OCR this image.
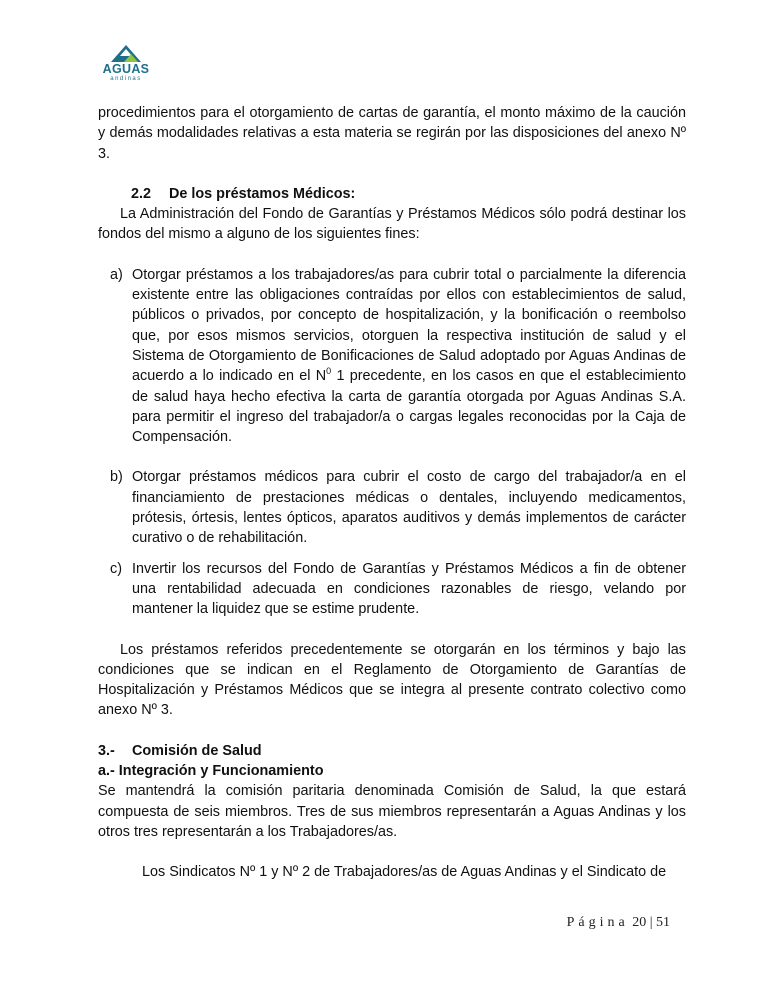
AGUAS
andinas

procedimientos para el otorgamiento de cartas de garantía, el monto máximo de la caución y demás modalidades relativas a esta materia se regirán por las disposiciones del anexo Nº 3.

2.2 De los préstamos Médicos:

La Administración del Fondo de Garantías y Préstamos Médicos sólo podrá destinar los fondos del mismo a alguno de los siguientes fines:

a) Otorgar préstamos a los trabajadores/as para cubrir total o parcialmente la diferencia existente entre las obligaciones contraídas por ellos con establecimientos de salud, públicos o privados, por concepto de hospitalización, y la bonificación o reembolso que, por esos mismos servicios, otorguen la respectiva institución de salud y el Sistema de Otorgamiento de Bonificaciones de Salud adoptado por Aguas Andinas de acuerdo a lo indicado en el $N^0$ 1 precedente, en los casos en que el establecimiento de salud haya hecho efectiva la carta de garantía otorgada por Aguas Andinas S.A. para permitir el ingreso del trabajador/a o cargas legales reconocidas por la Caja de Compensación.

b) Otorgar préstamos médicos para cubrir el costo de cargo del trabajador/a en el financiamiento de prestaciones médicas o dentales, incluyendo medicamentos, prótesis, órtesis, lentes ópticos, aparatos auditivos y demás implementos de carácter curativo o de rehabilitación.

c) Invertir los recursos del Fondo de Garantías y Préstamos Médicos a fin de obtener una rentabilidad adecuada en condiciones razonables de riesgo, velando por mantener la liquidez que se estime prudente.

Los préstamos referidos precedentemente se otorgarán en los términos y bajo las condiciones que se indican en el Reglamento de Otorgamiento de Garantías de Hospitalización y Préstamos Médicos que se integra al presente contrato colectivo como anexo Nº 3.

3.- Comisión de Salud

a.- Integración y Funcionamiento

Se mantendrá la comisión paritaria denominada Comisión de Salud, la que estará compuesta de seis miembros. Tres de sus miembros representarán a Aguas Andinas y los otros tres representarán a los Trabajadores/as.

Los Sindicatos Nº 1 y Nº 2 de Trabajadores/as de Aguas Andinas y el Sindicato de

Página 20 | 51
